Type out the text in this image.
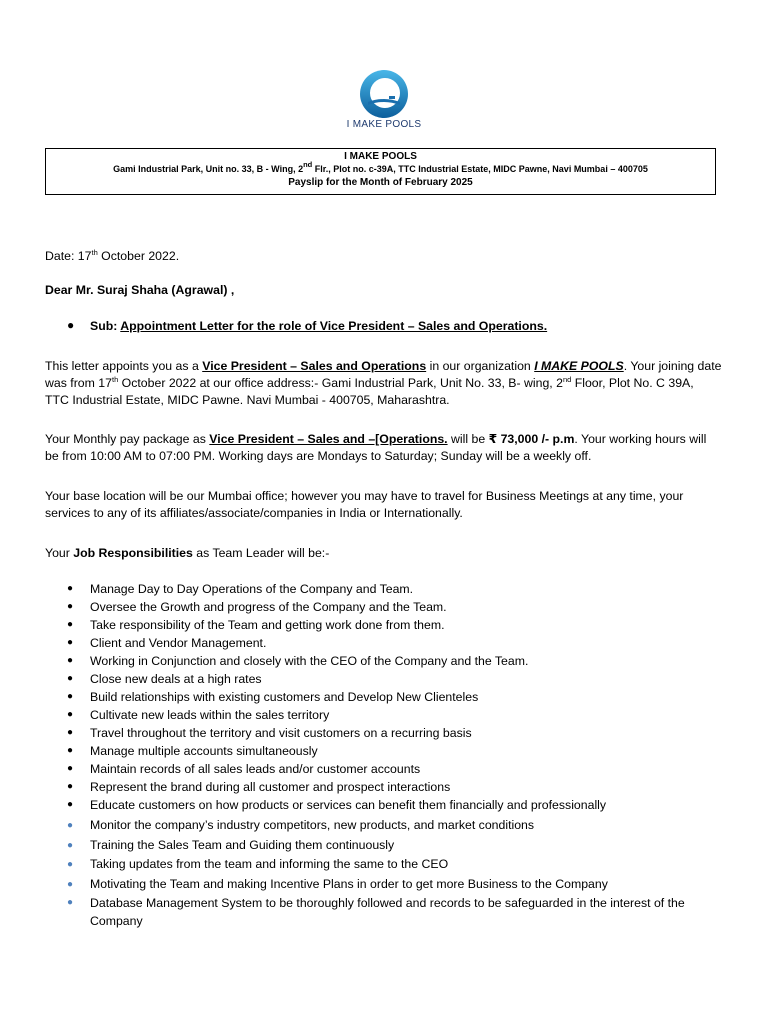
I MAKE POOLS
I MAKE POOLS
Gami Industrial Park, Unit no. 33, B - Wing, 2nd Flr., Plot no. c-39A, TTC Industrial Estate, MIDC Pawne, Navi Mumbai – 400705
Payslip for the Month of February 2025
Date: 17th October 2022.
Dear Mr. Suraj Shaha (Agrawal) ,
● Sub: Appointment Letter for the role of Vice President – Sales and Operations.
This letter appoints you as a Vice President – Sales and Operations in our organization I MAKE POOLS. Your joining date
was from 17th October 2022 at our office address:- Gami Industrial Park, Unit No. 33, B- wing, 2nd Floor, Plot No. C 39A,
TTC Industrial Estate, MIDC Pawne. Navi Mumbai - 400705, Maharashtra.
Your Monthly pay package as Vice President – Sales and –[Operations. will be ₹ 73,000 /- p.m. Your working hours will
be from 10:00 AM to 07:00 PM. Working days are Mondays to Saturday; Sunday will be a weekly off.
Your base location will be our Mumbai office; however you may have to travel for Business Meetings at any time, your
services to any of its affiliates/associate/companies in India or Internationally.
Your Job Responsibilities as Team Leader will be:-
● Manage Day to Day Operations of the Company and Team.
● Oversee the Growth and progress of the Company and the Team.
● Take responsibility of the Team and getting work done from them.
● Client and Vendor Management.
● Working in Conjunction and closely with the CEO of the Company and the Team.
● Close new deals at a high rates
● Build relationships with existing customers and Develop New Clienteles
● Cultivate new leads within the sales territory
● Travel throughout the territory and visit customers on a recurring basis
● Manage multiple accounts simultaneously
● Maintain records of all sales leads and/or customer accounts
● Represent the brand during all customer and prospect interactions
● Educate customers on how products or services can benefit them financially and professionally
● Monitor the company’s industry competitors, new products, and market conditions
● Training the Sales Team and Guiding them continuously
● Taking updates from the team and informing the same to the CEO
● Motivating the Team and making Incentive Plans in order to get more Business to the Company
● Database Management System to be thoroughly followed and records to be safeguarded in the interest of the Company
